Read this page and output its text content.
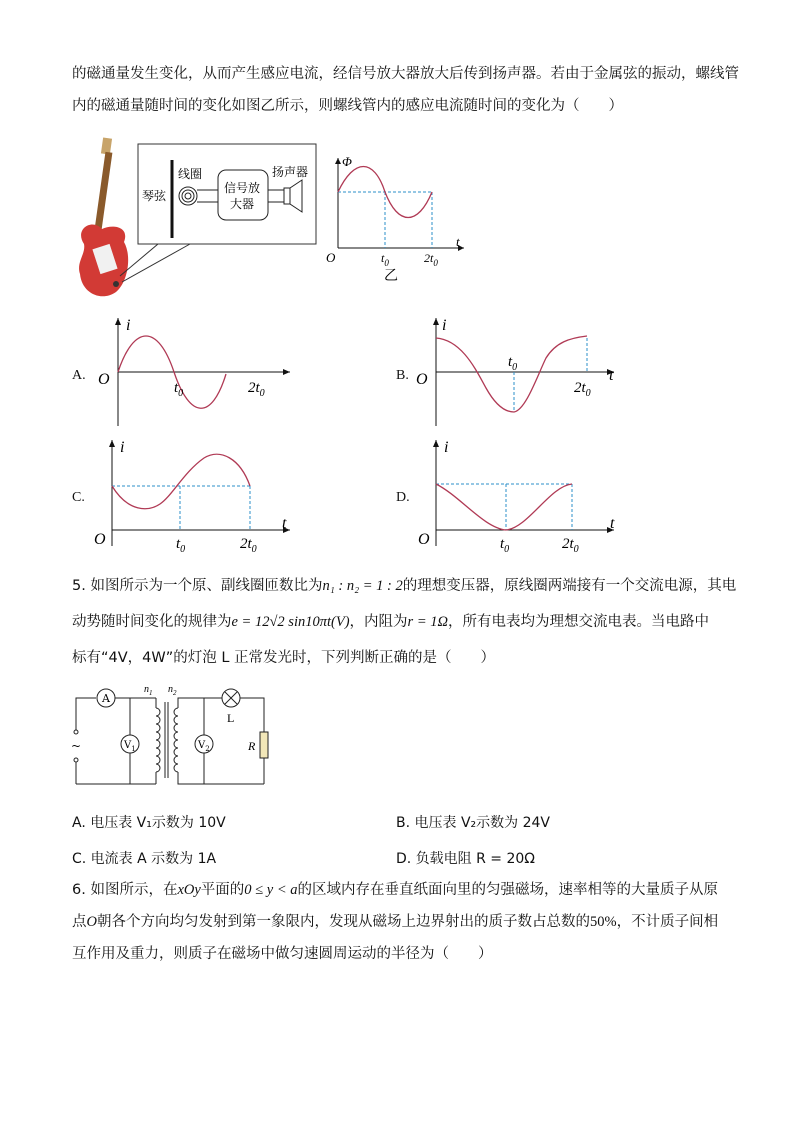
的磁通量发生变化，从而产生感应电流，经信号放大器放大后传到扬声器。若由于金属弦的振动，螺线管
内的磁通量随时间的变化如图乙所示，则螺线管内的感应电流随时间的变化为（　　）
琴弦
线圈
信号放
大器
扬声器
Φ
t
O	$t_0$	$2t_0$
乙
A.
i
O	$t_0$	$2t_0$
B.
i
O	t
$t_0$
$2t_0$
C.
i
O
t
$t_0$	$2t_0$
D.
i
O
t
$t_0$	$2t_0$
5. 如图所示为一个原、副线圈匝数比为n₁ : n₂ = 1 : 2的理想变压器，原线圈两端接有一个交流电源，其电
动势随时间变化的规律为e = 12√2 sin10πt(V)，内阻为r = 1Ω，所有电表均为理想交流电表。当电路中
标有“4V，4W”的灯泡 L 正常发光时，下列判断正确的是（　　）
~
A
$V_1$
$n_1$ $n_2$
$V_2$
L
R
A. 电压表 V₁示数为 10V	B. 电压表 V₂示数为 24V
C. 电流表 A 示数为 1A	D. 负载电阻 R = 20Ω
6. 如图所示，在xOy平面的0 ≤ y < a的区域内存在垂直纸面向里的匀强磁场，速率相等的大量质子从原
点O朝各个方向均匀发射到第一象限内，发现从磁场上边界射出的质子数占总数的50%，不计质子间相
互作用及重力，则质子在磁场中做匀速圆周运动的半径为（　　）
